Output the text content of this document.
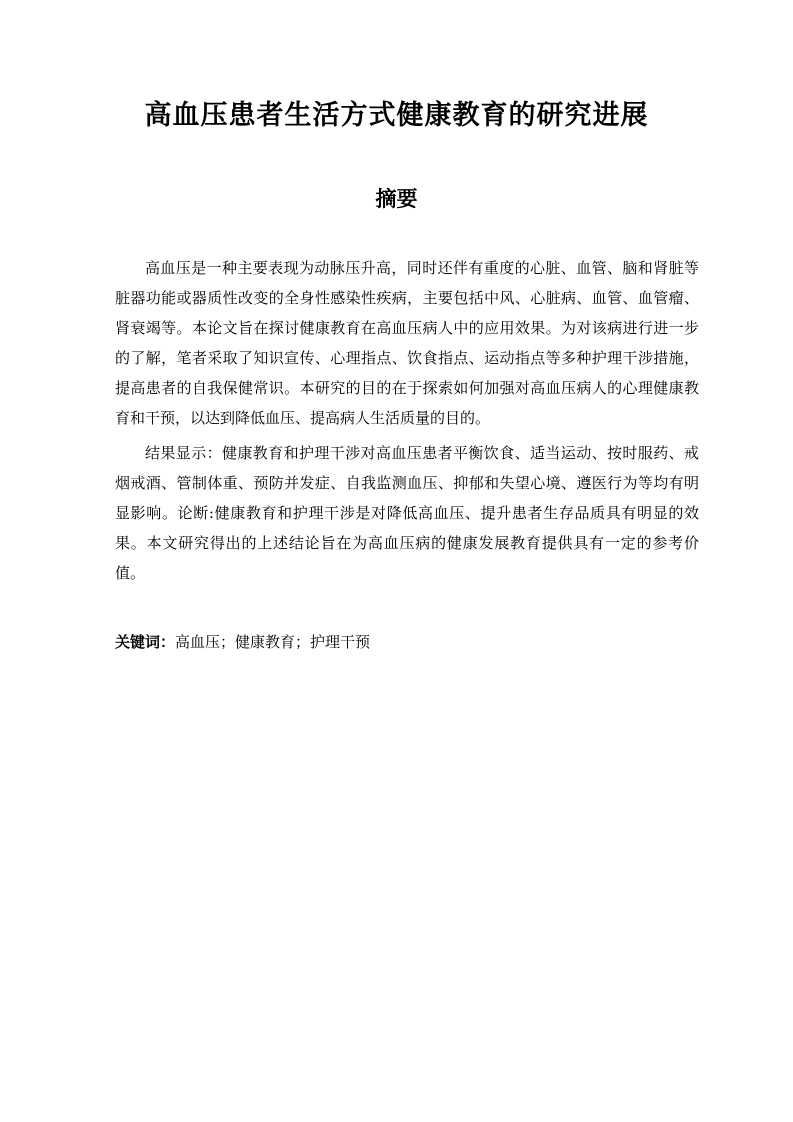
高血压患者生活方式健康教育的研究进展
摘要

高血压是一种主要表现为动脉压升高，同时还伴有重度的心脏、血管、脑和肾脏等脏器功能或器质性改变的全身性感染性疾病，主要包括中风、心脏病、血管、血管瘤、肾衰竭等。本论文旨在探讨健康教育在高血压病人中的应用效果。为对该病进行进一步的了解，笔者采取了知识宣传、心理指点、饮食指点、运动指点等多种护理干涉措施，提高患者的自我保健常识。本研究的目的在于探索如何加强对高血压病人的心理健康教育和干预，以达到降低血压、提高病人生活质量的目的。

结果显示：健康教育和护理干涉对高血压患者平衡饮食、适当运动、按时服药、戒烟戒酒、管制体重、预防并发症、自我监测血压、抑郁和失望心境、遵医行为等均有明显影响。论断:健康教育和护理干涉是对降低高血压、提升患者生存品质具有明显的效果。本文研究得出的上述结论旨在为高血压病的健康发展教育提供具有一定的参考价值。

关键词：高血压；健康教育；护理干预
